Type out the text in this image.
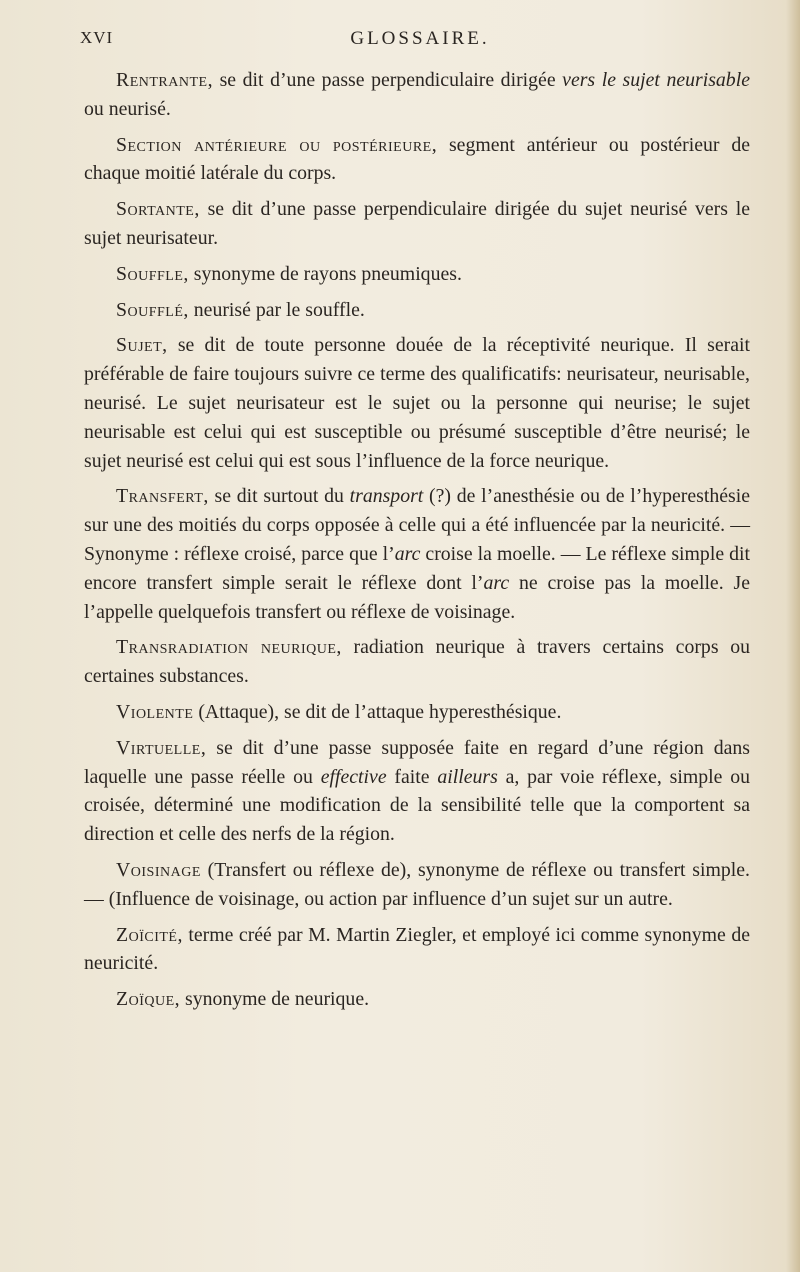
XVI	GLOSSAIRE.

Rentrante, se dit d’une passe perpendiculaire dirigée vers le sujet neurisable ou neurisé.

Section antérieure ou postérieure, segment antérieur ou postérieur de chaque moitié latérale du corps.

Sortante, se dit d’une passe perpendiculaire dirigée du sujet neurisé vers le sujet neurisateur.

Souffle, synonyme de rayons pneumiques.

Soufflé, neurisé par le souffle.

Sujet, se dit de toute personne douée de la réceptivité neurique. Il serait préférable de faire toujours suivre ce terme des qualificatifs: neurisateur, neurisable, neurisé. Le sujet neurisateur est le sujet ou la personne qui neurise; le sujet neurisable est celui qui est susceptible ou présumé susceptible d’être neurisé; le sujet neurisé est celui qui est sous l’influence de la force neurique.

Transfert, se dit surtout du transport (?) de l’anesthésie ou de l’hyperesthésie sur une des moitiés du corps opposée à celle qui a été influencée par la neuricité. — Synonyme : réflexe croisé, parce que l’arc croise la moelle. — Le réflexe simple dit encore transfert simple serait le réflexe dont l’arc ne croise pas la moelle. Je l’appelle quelquefois transfert ou réflexe de voisinage.

Transradiation neurique, radiation neurique à travers certains corps ou certaines substances.

Violente (Attaque), se dit de l’attaque hyperesthésique.

Virtuelle, se dit d’une passe supposée faite en regard d’une région dans laquelle une passe réelle ou effective faite ailleurs a, par voie réflexe, simple ou croisée, déterminé une modification de la sensibilité telle que la comportent sa direction et celle des nerfs de la région.

Voisinage (Transfert ou réflexe de), synonyme de réflexe ou transfert simple. — (Influence de voisinage, ou action par influence d’un sujet sur un autre.

Zoïcité, terme créé par M. Martin Ziegler, et employé ici comme synonyme de neuricité.

Zoïque, synonyme de neurique.
